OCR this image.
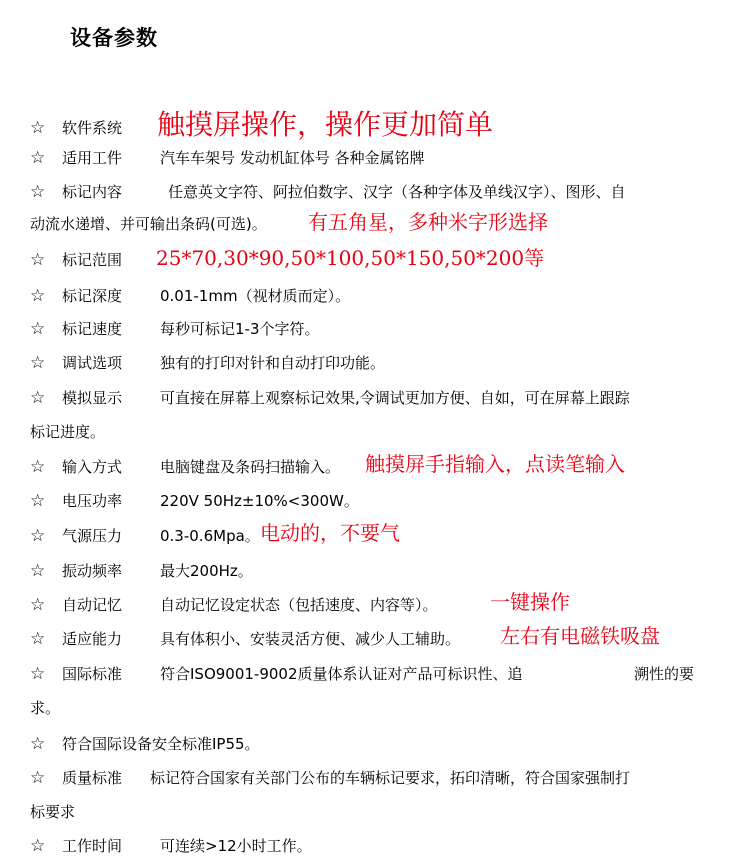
设备参数
☆ 软件系统 触摸屏操作，操作更加简单
☆ 适用工件	汽车车架号 发动机缸体号 各种金属铭牌
☆ 标记内容	任意英文字符、阿拉伯数字、汉字（各种字体及单线汉字）、图形、自
动流水递增、并可输出条码(可选)。 有五角星，多种米字形选择
☆ 标记范围 25*70,30*90,50*100,50*150,50*200等
☆ 标记深度	0.01-1mm（视材质而定）。
☆ 标记速度	每秒可标记1-3个字符。
☆ 调试选项	独有的打印对针和自动打印功能。
☆ 模拟显示	可直接在屏幕上观察标记效果,令调试更加方便、自如，可在屏幕上跟踪
标记进度。
☆ 输入方式	电脑键盘及条码扫描输入。 触摸屏手指输入，点读笔输入
☆ 电压功率	220V 50Hz±10%<300W。
☆ 气源压力	0.3-0.6Mpa。 电动的，不要气
☆ 振动频率	最大200Hz。
☆ 自动记忆	自动记忆设定状态（包括速度、内容等）。	一键操作
☆ 适应能力	具有体积小、安装灵活方便、减少人工辅助。 左右有电磁铁吸盘
☆ 国际标准	符合ISO9001-9002质量体系认证对产品可标识性、追	溯性的要
求。
☆ 符合国际设备安全标准IP55。
☆ 质量标准 标记符合国家有关部门公布的车辆标记要求，拓印清晰，符合国家强制打
标要求
☆ 工作时间	可连续>12小时工作。
